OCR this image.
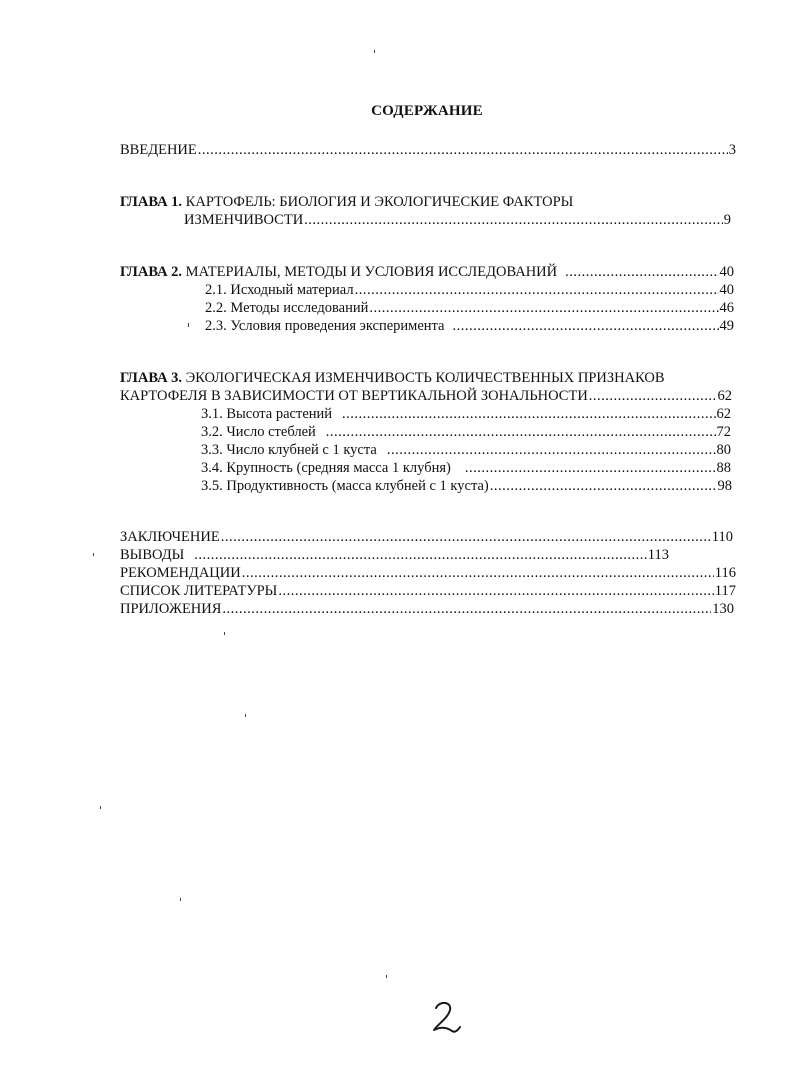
СОДЕРЖАНИЕ
ВВЕДЕНИЕ .....	3
ГЛАВА 1. КАРТОФЕЛЬ: БИОЛОГИЯ И ЭКОЛОГИЧЕСКИЕ ФАКТОРЫ
ИЗМЕНЧИВОСТИ .....	9
ГЛАВА 2. МАТЕРИАЛЫ, МЕТОДЫ И УСЛОВИЯ ИССЛЕДОВАНИЙ .....	40
2.1. Исходный материал .....	40
2.2. Методы исследований .....	46
2.3. Условия проведения эксперимента .....	49
ГЛАВА 3. ЭКОЛОГИЧЕСКАЯ ИЗМЕНЧИВОСТЬ КОЛИЧЕСТВЕННЫХ ПРИЗНАКОВ
КАРТОФЕЛЯ В ЗАВИСИМОСТИ ОТ ВЕРТИКАЛЬНОЙ ЗОНАЛЬНОСТИ .....	62
3.1. Высота растений .....	62
3.2. Число стеблей .....	72
3.3. Число клубней с 1 куста .....	80
3.4. Крупность (средняя масса 1 клубня) .....	88
3.5. Продуктивность (масса клубней с 1 куста) .....	98
ЗАКЛЮЧЕНИЕ .....	110
ВЫВОДЫ .....	113
РЕКОМЕНДАЦИИ .....	116
СПИСОК ЛИТЕРАТУРЫ .....	117
ПРИЛОЖЕНИЯ .....	130
